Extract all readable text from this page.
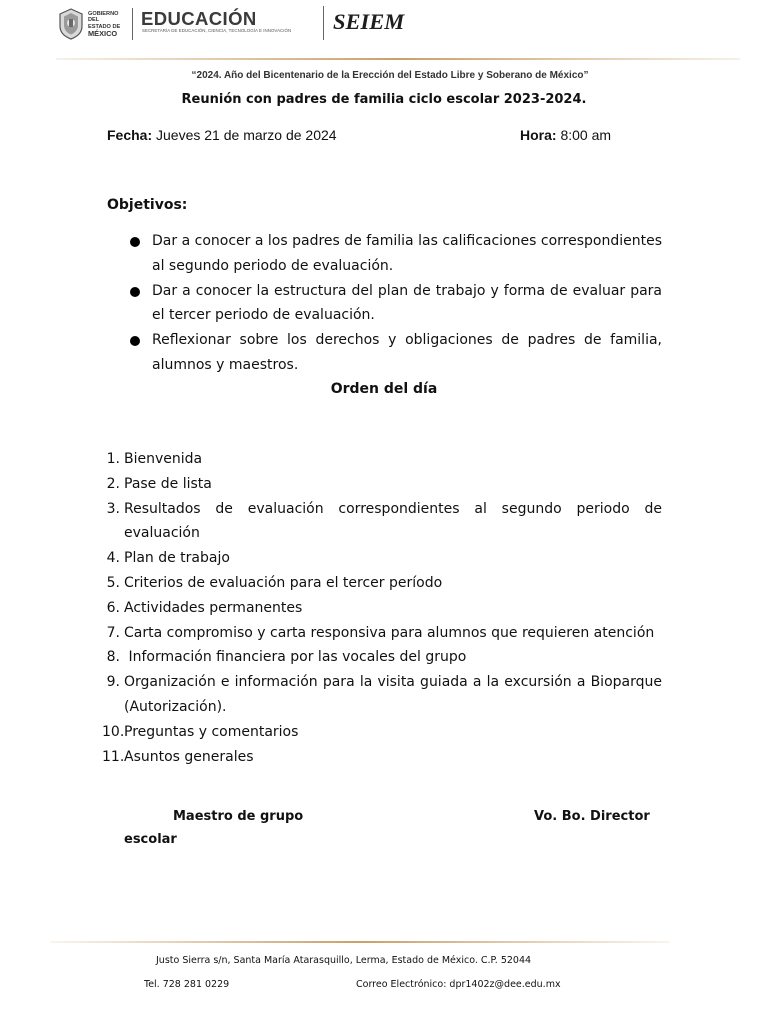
GOBIERNO DEL
ESTADO DE
MÉXICO
EDUCACIÓN
SECRETARÍA DE EDUCACIÓN, CIENCIA, TECNOLOGÍA E INNOVACIÓN SEIEM
“2024. Año del Bicentenario de la Erección del Estado Libre y Soberano de México”
Reunión con padres de familia ciclo escolar 2023-2024.
Fecha: Jueves 21 de marzo de 2024	Hora: 8:00 am
Objetivos:
Dar a conocer a los padres de familia las calificaciones correspondientes al segundo periodo de evaluación.
Dar a conocer la estructura del plan de trabajo y forma de evaluar para el tercer periodo de evaluación.
Reflexionar sobre los derechos y obligaciones de padres de familia, alumnos y maestros.
Orden del día
1. Bienvenida
2. Pase de lista
3. Resultados de evaluación correspondientes al segundo periodo de evaluación
4. Plan de trabajo
5. Criterios de evaluación para el tercer período
6. Actividades permanentes
7. Carta compromiso y carta responsiva para alumnos que requieren atención
8. Información financiera por las vocales del grupo
9. Organización e información para la visita guiada a la excursión a Bioparque (Autorización).
10. Preguntas y comentarios
11. Asuntos generales
Maestro de grupo	Vo. Bo. Director
escolar
Justo Sierra s/n, Santa María Atarasquillo, Lerma, Estado de México. C.P. 52044
Tel. 728 281 0229	Correo Electrónico: dpr1402z@dee.edu.mx
